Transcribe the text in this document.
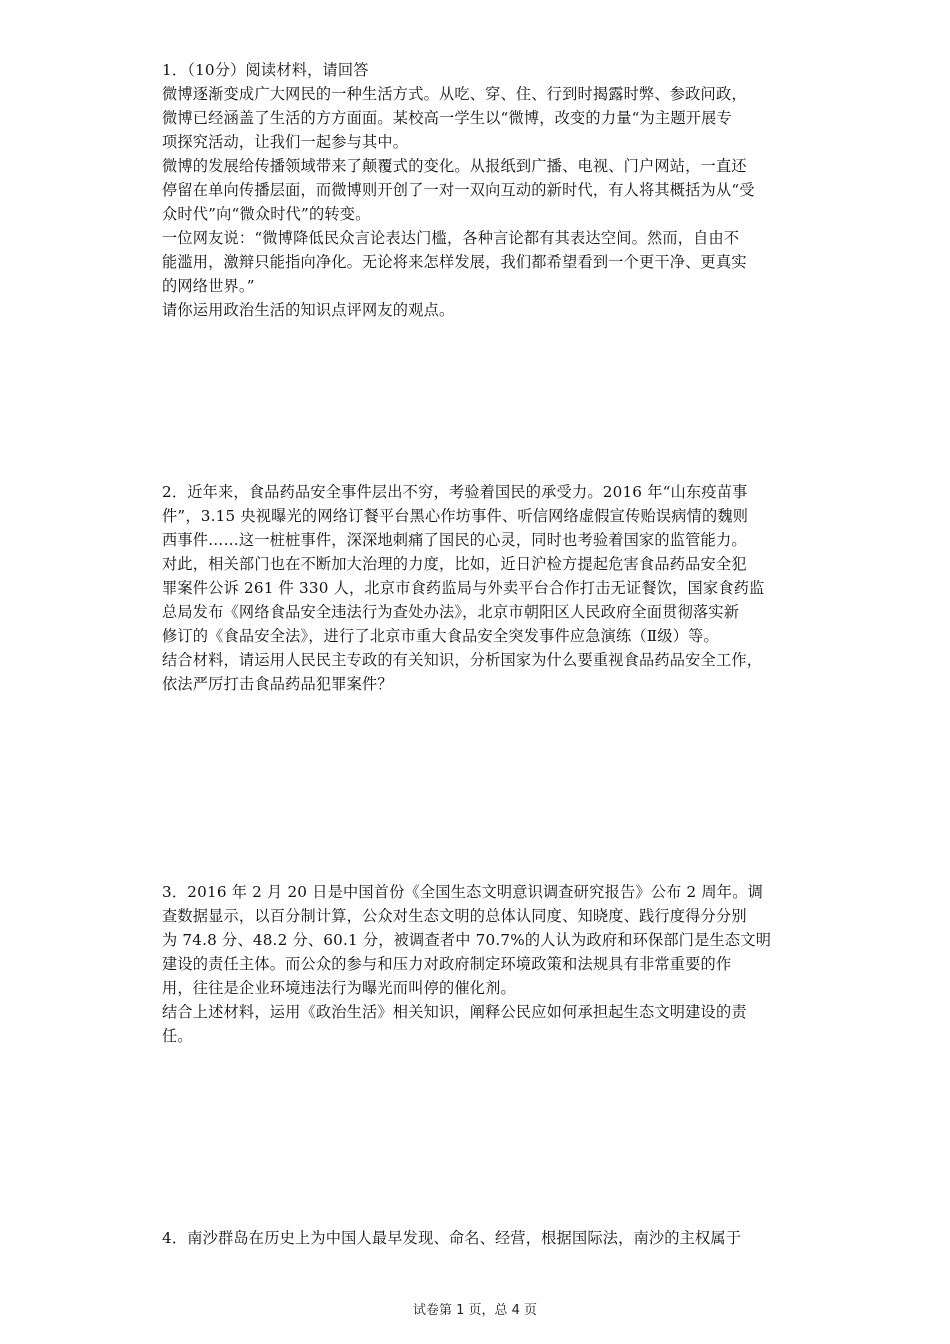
1．（10分）阅读材料，请回答
微博逐渐变成广大网民的一种生活方式。从吃、穿、住、行到时揭露时弊、参政问政，
微博已经涵盖了生活的方方面面。某校高一学生以“微博，改变的力量“为主题开展专
项探究活动，让我们一起参与其中。
微博的发展给传播领域带来了颠覆式的变化。从报纸到广播、电视、门户网站，一直还
停留在单向传播层面，而微博则开创了一对一双向互动的新时代，有人将其概括为从“受
众时代”向“微众时代”的转变。
一位网友说：“微博降低民众言论表达门槛，各种言论都有其表达空间。然而，自由不
能滥用，激辩只能指向净化。无论将来怎样发展，我们都希望看到一个更干净、更真实
的网络世界。”
请你运用政治生活的知识点评网友的观点。
2．近年来，食品药品安全事件层出不穷，考验着国民的承受力。2016 年“山东疫苗事
件”，3.15 央视曝光的网络订餐平台黑心作坊事件、听信网络虚假宣传贻误病情的魏则
西事件……这一桩桩事件，深深地刺痛了国民的心灵，同时也考验着国家的监管能力。
对此，相关部门也在不断加大治理的力度，比如，近日沪检方提起危害食品药品安全犯
罪案件公诉 261 件 330 人，北京市食药监局与外卖平台合作打击无证餐饮，国家食药监
总局发布《网络食品安全违法行为查处办法》，北京市朝阳区人民政府全面贯彻落实新
修订的《食品安全法》，进行了北京市重大食品安全突发事件应急演练（Ⅱ级）等。
结合材料，请运用人民民主专政的有关知识，分析国家为什么要重视食品药品安全工作，
依法严厉打击食品药品犯罪案件？
3．2016 年 2 月 20 日是中国首份《全国生态文明意识调查研究报告》公布 2 周年。调
查数据显示，以百分制计算，公众对生态文明的总体认同度、知晓度、践行度得分分别
为 74.8 分、48.2 分、60.1 分，被调查者中 70.7%的人认为政府和环保部门是生态文明
建设的责任主体。而公众的参与和压力对政府制定环境政策和法规具有非常重要的作
用，往往是企业环境违法行为曝光而叫停的催化剂。
结合上述材料，运用《政治生活》相关知识，阐释公民应如何承担起生态文明建设的责
任。
4．南沙群岛在历史上为中国人最早发现、命名、经营，根据国际法，南沙的主权属于
试卷第 1 页，总 4 页
